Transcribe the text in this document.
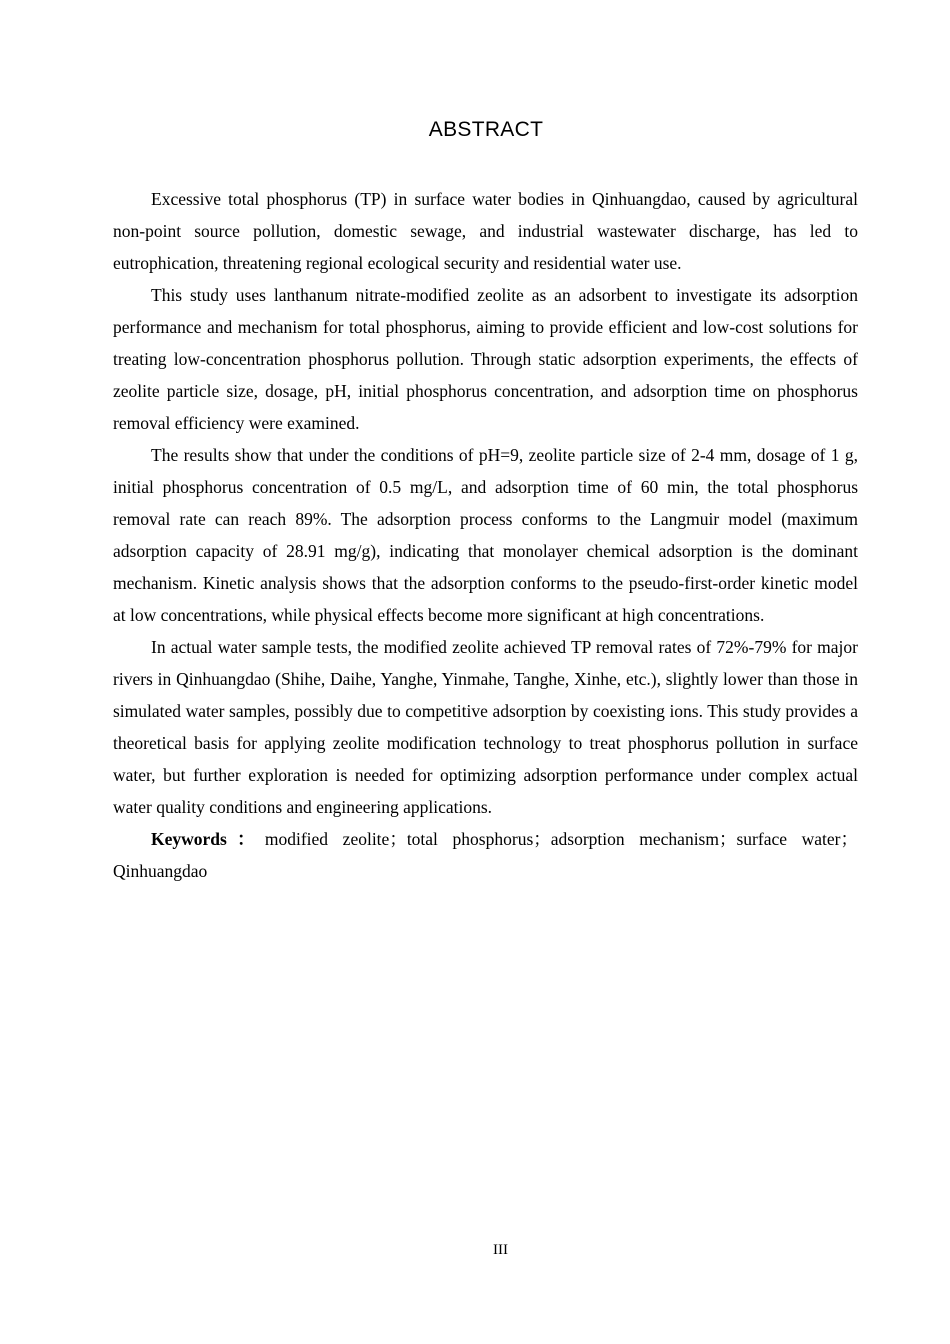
ABSTRACT

Excessive total phosphorus (TP) in surface water bodies in Qinhuangdao, caused by agricultural non-point source pollution, domestic sewage, and industrial wastewater discharge, has led to eutrophication, threatening regional ecological security and residential water use.

This study uses lanthanum nitrate-modified zeolite as an adsorbent to investigate its adsorption performance and mechanism for total phosphorus, aiming to provide efficient and low-cost solutions for treating low-concentration phosphorus pollution. Through static adsorption experiments, the effects of zeolite particle size, dosage, pH, initial phosphorus concentration, and adsorption time on phosphorus removal efficiency were examined.

The results show that under the conditions of pH=9, zeolite particle size of 2-4 mm, dosage of 1 g, initial phosphorus concentration of 0.5 mg/L, and adsorption time of 60 min, the total phosphorus removal rate can reach 89%. The adsorption process conforms to the Langmuir model (maximum adsorption capacity of 28.91 mg/g), indicating that monolayer chemical adsorption is the dominant mechanism. Kinetic analysis shows that the adsorption conforms to the pseudo-first-order kinetic model at low concentrations, while physical effects become more significant at high concentrations.

In actual water sample tests, the modified zeolite achieved TP removal rates of 72%-79% for major rivers in Qinhuangdao (Shihe, Daihe, Yanghe, Yinmahe, Tanghe, Xinhe, etc.), slightly lower than those in simulated water samples, possibly due to competitive adsorption by coexisting ions. This study provides a theoretical basis for applying zeolite modification technology to treat phosphorus pollution in surface water, but further exploration is needed for optimizing adsorption performance under complex actual water quality conditions and engineering applications.

Keywords：modified zeolite；total phosphorus；adsorption mechanism；surface water；Qinhuangdao

III
